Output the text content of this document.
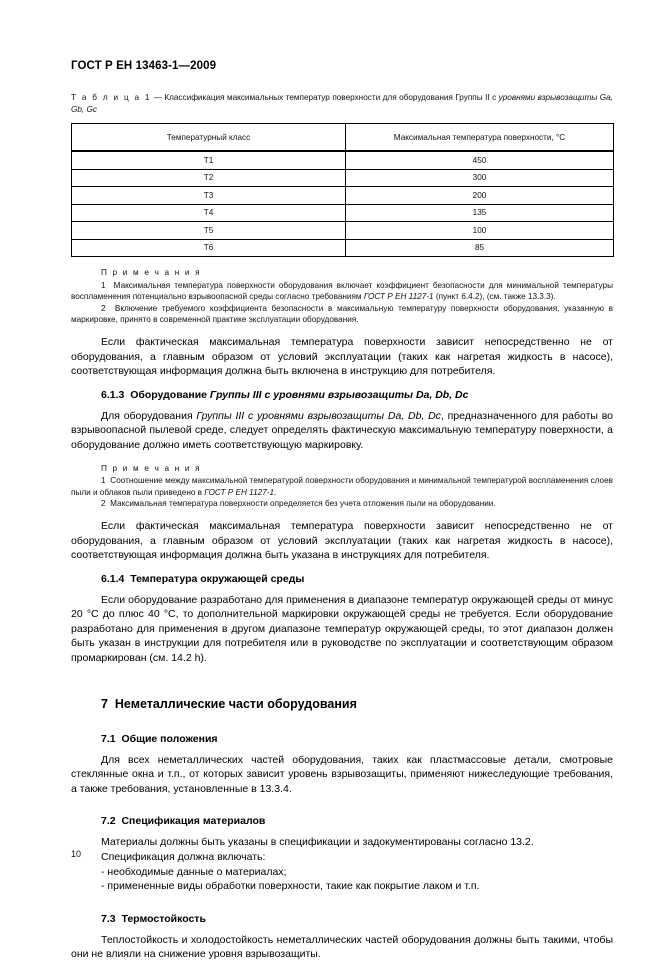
ГОСТ Р ЕН 13463-1—2009
Т а б л и ц а 1 — Классификация максимальных температур поверхности для оборудования Группы II с уровнями взрывозащиты Ga, Gb, Gc
Температурный класс	Максимальная температура поверхности, °С
Т1	450
Т2	300
Т3	200
Т4	135
Т5	100
Т6	85
П р и м е ч а н и я

1 Максимальная температура поверхности оборудования включает коэффициент безопасности для минимальной температуры воспламенения потенциально взрывоопасной среды согласно требованиям ГОСТ Р ЕН 1127-1 (пункт 6.4.2), (см. также 13.3.3).

2 Включение требуемого коэффициента безопасности в максимальную температуру поверхности оборудования, указанную в маркировке, принято в современной практике эксплуатации оборудования.

Если фактическая максимальная температура поверхности зависит непосредственно не от оборудования, а главным образом от условий эксплуатации (таких как нагретая жидкость в насосе), соответствующая информация должна быть включена в инструкцию для потребителя.

6.1.3 Оборудование Группы III с уровнями взрывозащиты Da, Db, Dc

Для оборудования Группы III с уровнями взрывозащиты Da, Db, Dc, предназначенного для работы во взрывоопасной пылевой среде, следует определять фактическую максимальную температуру поверхности, а оборудование должно иметь соответствующую маркировку.

П р и м е ч а н и я

1 Соотношение между максимальной температурой поверхности оборудования и минимальной температурой воспламенения слоев пыли и облаков пыли приведено в ГОСТ Р ЕН 1127-1.

2 Максимальная температура поверхности определяется без учета отложения пыли на оборудовании.

Если фактическая максимальная температура поверхности зависит непосредственно не от оборудования, а главным образом от условий эксплуатации (таких как нагретая жидкость в насосе), соответствующая информация должна быть указана в инструкциях для потребителя.

6.1.4 Температура окружающей среды

Если оборудование разработано для применения в диапазоне температур окружающей среды от минус 20 °С до плюс 40 °С, то дополнительной маркировки окружающей среды не требуется. Если оборудование разработано для применения в другом диапазоне температур окружающей среды, то этот диапазон должен быть указан в инструкции для потребителя или в руководстве по эксплуатации и соответствующим образом промаркирован (см. 14.2 h).

7 Неметаллические части оборудования
7.1 Общие положения

Для всех неметаллических частей оборудования, таких как пластмассовые детали, смотровые стеклянные окна и т.п., от которых зависит уровень взрывозащиты, применяют нижеследующие требования, а также требования, установленные в 13.3.4.

7.2 Спецификация материалов

Материалы должны быть указаны в спецификации и задокументированы согласно 13.2.

Спецификация должна включать:

- необходимые данные о материалах;

- примененные виды обработки поверхности, такие как покрытие лаком и т.п.

7.3 Термостойкость

Теплостойкость и холодостойкость неметаллических частей оборудования должны быть такими, чтобы они не влияли на снижение уровня взрывозащиты.

10
